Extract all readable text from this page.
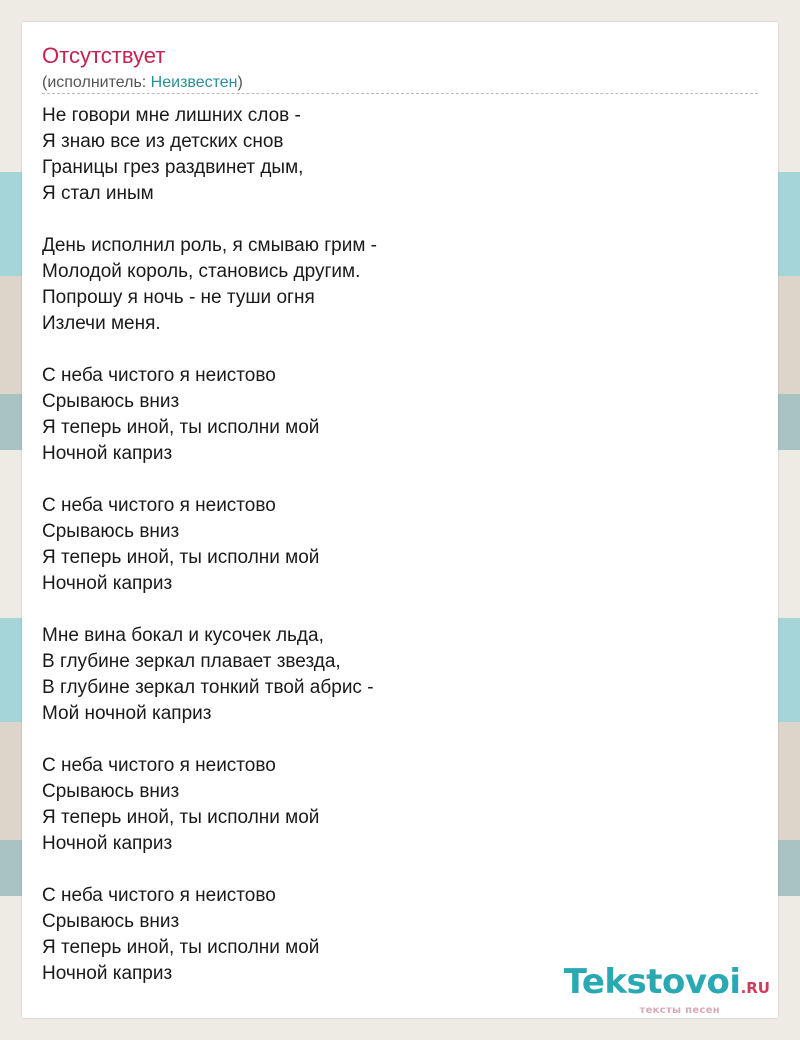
Отсутствует
(исполнитель: Неизвестен)
Не говори мне лишних слов -
Я знаю все из детских снов
Границы грез раздвинет дым,
Я стал иным
День исполнил роль, я смываю грим -
Молодой король, становись другим.
Попрошу я ночь - не туши огня
Излечи меня.
С неба чистого я неистово
Срываюсь вниз
Я теперь иной, ты исполни мой
Ночной каприз
С неба чистого я неистово
Срываюсь вниз
Я теперь иной, ты исполни мой
Ночной каприз
Мне вина бокал и кусочек льда,
В глубине зеркал плавает звезда,
В глубине зеркал тонкий твой абрис -
Мой ночной каприз
С неба чистого я неистово
Срываюсь вниз
Я теперь иной, ты исполни мой
Ночной каприз
С неба чистого я неистово
Срываюсь вниз
Я теперь иной, ты исполни мой
Ночной каприз	Tekstovoi.RU
тексты песен
